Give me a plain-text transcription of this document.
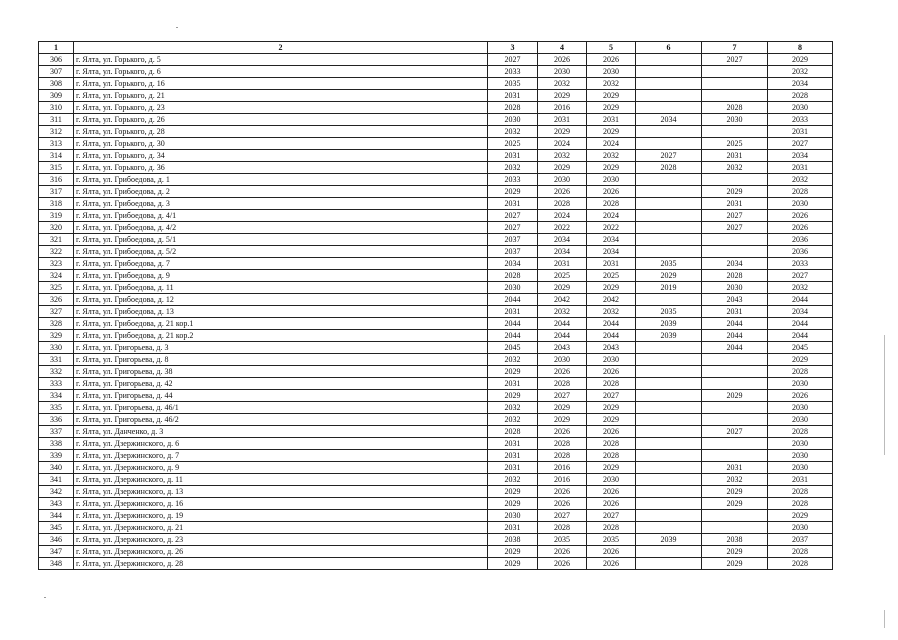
1	2	3	4	5	6	7	8
306	г. Ялта, ул. Горького, д. 5	2027	2026	2026		2027	2029
307	г. Ялта, ул. Горького, д. 6	2033	2030	2030			2032
308	г. Ялта, ул. Горького, д. 16	2035	2032	2032			2034
309	г. Ялта, ул. Горького, д. 21	2031	2029	2029			2028
310	г. Ялта, ул. Горького, д. 23	2028	2016	2029		2028	2030
311	г. Ялта, ул. Горького, д. 26	2030	2031	2031	2034	2030	2033
312	г. Ялта, ул. Горького, д. 28	2032	2029	2029			2031
313	г. Ялта, ул. Горького, д. 30	2025	2024	2024		2025	2027
314	г. Ялта, ул. Горького, д. 34	2031	2032	2032	2027	2031	2034
315	г. Ялта, ул. Горького, д. 36	2032	2029	2029	2028	2032	2031
316	г. Ялта, ул. Грибоедова, д. 1	2033	2030	2030			2032
317	г. Ялта, ул. Грибоедова, д. 2	2029	2026	2026		2029	2028
318	г. Ялта, ул. Грибоедова, д. 3	2031	2028	2028		2031	2030
319	г. Ялта, ул. Грибоедова, д. 4/1	2027	2024	2024		2027	2026
320	г. Ялта, ул. Грибоедова, д. 4/2	2027	2022	2022		2027	2026
321	г. Ялта, ул. Грибоедова, д. 5/1	2037	2034	2034			2036
322	г. Ялта, ул. Грибоедова, д. 5/2	2037	2034	2034			2036
323	г. Ялта, ул. Грибоедова, д. 7	2034	2031	2031	2035	2034	2033
324	г. Ялта, ул. Грибоедова, д. 9	2028	2025	2025	2029	2028	2027
325	г. Ялта, ул. Грибоедова, д. 11	2030	2029	2029	2019	2030	2032
326	г. Ялта, ул. Грибоедова, д. 12	2044	2042	2042		2043	2044
327	г. Ялта, ул. Грибоедова, д. 13	2031	2032	2032	2035	2031	2034
328	г. Ялта, ул. Грибоедова, д. 21 кор.1	2044	2044	2044	2039	2044	2044
329	г. Ялта, ул. Грибоедова, д. 21 кор.2	2044	2044	2044	2039	2044	2044
330	г. Ялта, ул. Григорьева, д. 3	2045	2043	2043		2044	2045
331	г. Ялта, ул. Григорьева, д. 8	2032	2030	2030			2029
332	г. Ялта, ул. Григорьева, д. 38	2029	2026	2026			2028
333	г. Ялта, ул. Григорьева, д. 42	2031	2028	2028			2030
334	г. Ялта, ул. Григорьева, д. 44	2029	2027	2027		2029	2026
335	г. Ялта, ул. Григорьева, д. 46/1	2032	2029	2029			2030
336	г. Ялта, ул. Григорьева, д. 46/2	2032	2029	2029			2030
337	г. Ялта, ул. Данченко, д. 3	2028	2026	2026		2027	2028
338	г. Ялта, ул. Дзержинского, д. 6	2031	2028	2028			2030
339	г. Ялта, ул. Дзержинского, д. 7	2031	2028	2028			2030
340	г. Ялта, ул. Дзержинского, д. 9	2031	2016	2029		2031	2030
341	г. Ялта, ул. Дзержинского, д. 11	2032	2016	2030		2032	2031
342	г. Ялта, ул. Дзержинского, д. 13	2029	2026	2026		2029	2028
343	г. Ялта, ул. Дзержинского, д. 16	2029	2026	2026		2029	2028
344	г. Ялта, ул. Дзержинского, д. 19	2030	2027	2027			2029
345	г. Ялта, ул. Дзержинского, д. 21	2031	2028	2028			2030
346	г. Ялта, ул. Дзержинского, д. 23	2038	2035	2035	2039	2038	2037
347	г. Ялта, ул. Дзержинского, д. 26	2029	2026	2026		2029	2028
348	г. Ялта, ул. Дзержинского, д. 28	2029	2026	2026		2029	2028
